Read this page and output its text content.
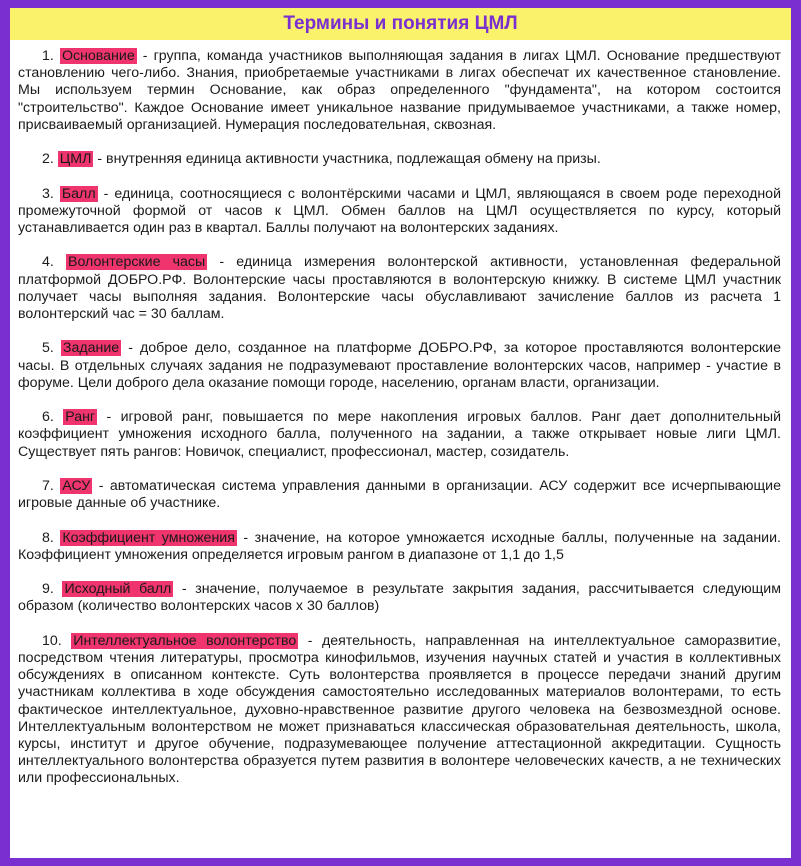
Термины и понятия ЦМЛ

1. Основание - группа, команда участников выполняющая задания в лигах ЦМЛ. Основание предшествуют становлению чего-либо. Знания, приобретаемые участниками в лигах обеспечат их качественное становление. Мы используем термин Основание, как образ определенного "фундамента", на котором состоится "строительство". Каждое Основание имеет уникальное название придумываемое участниками, а также номер, присваиваемый организацией. Нумерация последовательная, сквозная.

2. ЦМЛ - внутренняя единица активности участника, подлежащая обмену на призы.

3. Балл - единица, соотносящиеся с волонтёрскими часами и ЦМЛ, являющаяся в своем роде переходной промежуточной формой от часов к ЦМЛ. Обмен баллов на ЦМЛ осуществляется по курсу, который устанавливается один раз в квартал. Баллы получают на волонтерских заданиях.

4. Волонтерские часы - единица измерения волонтерской активности, установленная федеральной платформой ДОБРО.РФ. Волонтерские часы проставляются в волонтерскую книжку. В системе ЦМЛ участник получает часы выполняя задания. Волонтерские часы обуславливают зачисление баллов из расчета 1 волонтерский час = 30 баллам.

5. Задание - доброе дело, созданное на платформе ДОБРО.РФ, за которое проставляются волонтерские часы. В отдельных случаях задания не подразумевают проставление волонтерских часов, например - участие в форуме. Цели доброго дела оказание помощи городе, населению, органам власти, организации.

6. Ранг - игровой ранг, повышается по мере накопления игровых баллов. Ранг дает дополнительный коэффициент умножения исходного балла, полученного на задании, а также открывает новые лиги ЦМЛ. Существует пять рангов: Новичок, специалист, профессионал, мастер, созидатель.

7. АСУ - автоматическая система управления данными в организации. АСУ содержит все исчерпывающие игровые данные об участнике.

8. Коэффициент умножения - значение, на которое умножается исходные баллы, полученные на задании. Коэффициент умножения определяется игровым рангом в диапазоне от 1,1 до 1,5

9. Исходный балл - значение, получаемое в результате закрытия задания, рассчитывается следующим образом (количество волонтерских часов х 30 баллов)

10. Интеллектуальное волонтерство - деятельность, направленная на интеллектуальное саморазвитие, посредством чтения литературы, просмотра кинофильмов, изучения научных статей и участия в коллективных обсуждениях в описанном контексте. Суть волонтерства проявляется в процессе передачи знаний другим участникам коллектива в ходе обсуждения самостоятельно исследованных материалов волонтерами, то есть фактическое интеллектуальное, духовно-нравственное развитие другого человека на безвозмездной основе. Интеллектуальным волонтерством не может признаваться классическая образовательная деятельность, школа, курсы, институт и другое обучение, подразумевающее получение аттестационной аккредитации. Сущность интеллектуального волонтерства образуется путем развития в волонтере человеческих качеств, а не технических или профессиональных.
